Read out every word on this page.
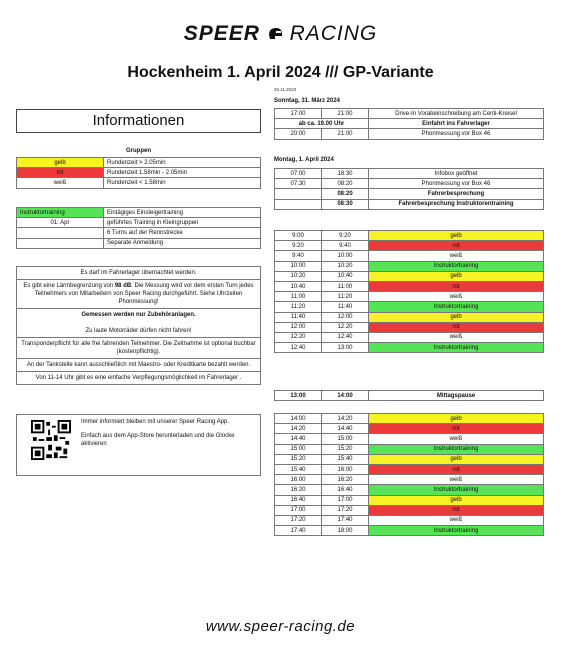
SPEER RACING
Hockenheim 1. April 2024 /// GP-Variante
26.11.2023
Informationen
Gruppen
gelb	Rundenzeit > 2.05min
rot	Rundenzeit 1.58min - 2.05min
weiß	Rundenzeit < 1.58min
Instruktortraining	Eintägiges Einsteigertraining
01. Apr	geführtes Training in Kleingruppen
	6 Turns auf der Rennstrecke
	Separate Anmeldung
Es darf im Fahrerlager übernachtet werden.
Es gibt eine Lärmbegrenzung von 98 dB. Die Messung wird vor dem ersten Turn jedes Teilnehmers von Mitarbeitern von Speer Racing durchgeführt. Siehe Uhrzeiten Phonmessung!
Gemessen werden nur Zubehöranlagen.

Zu laute Motorräder dürfen nicht fahren!
Transponderpflicht für alle frei fahrenden Teilnehmer. Die Zeitnahme ist optional buchbar (kostenpflichtig).
An der Tankstelle kann ausschließlich mit Maestro- oder Kreditkarte bezahlt werden.
Von 11-14 Uhr gibt es eine einfache Verpflegungsmöglichkeit im Fahrerlager .
Immer informiert bleiben mit unserer Speer Racing App.
Einfach aus dem App-Store herunterladen und die Glocke aktivieren
Sonntag, 31. März 2024
17:00	21:00	Drive-In Vorabeinschreibung am Centi-Kreisel
ab ca. 19.00 Uhr		Einfahrt ins Fahrerlager
20:00	21:00	Phonmessung vor Box 46
Montag, 1. April 2024
07:00	18:30	Infobox geöffnet
07:30	08:20	Phonmessung vor Box 46
	08:20	Fahrerbesprechung
	08:30	Fahrerbesprechung Instruktorentraining
9:00	9:20	gelb
9:20	9:40	rot
9:40	10:00	weiß
10:00	10:20	Instruktortraining
10:20	10:40	gelb
10:40	11:00	rot
11:00	11:20	weiß
11:20	11:40	Instruktortraining
11:40	12:00	gelb
12:00	12:20	rot
12:20	12:40	weiß
12:40	13:00	Instruktortraining
13:00	14:00	Mittagspause
14:00	14:20	gelb
14:20	14:40	rot
14:40	15:00	weiß
15:00	15:20	Instruktortraining
15:20	15:40	gelb
15:40	16:00	rot
16:00	16:20	weiß
16:20	16:40	Instruktortraining
16:40	17:00	gelb
17:00	17:20	rot
17:20	17:40	weiß
17:40	18:00	Instruktortraining
www.speer-racing.de
